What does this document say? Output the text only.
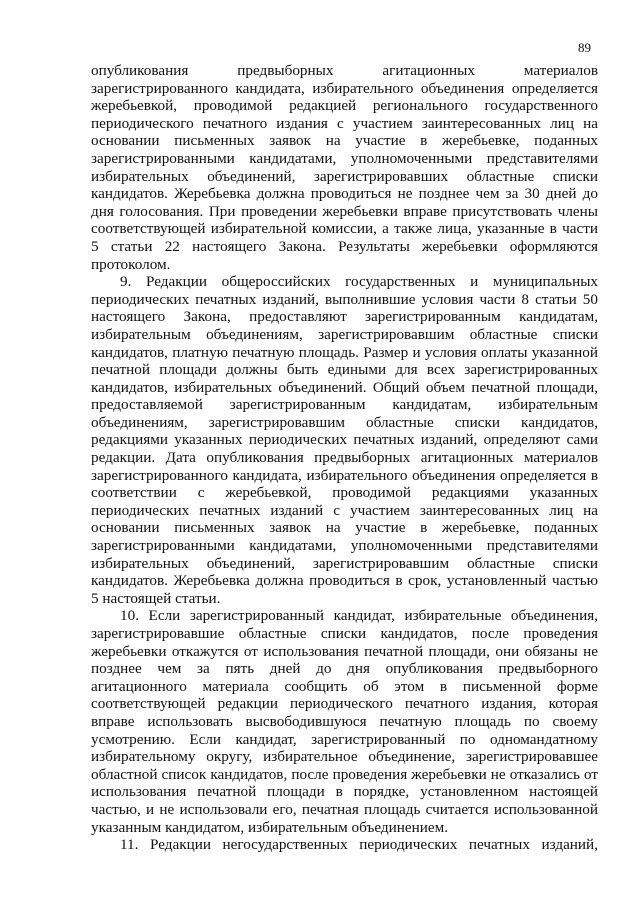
89
опубликования предвыборных агитационных материалов
зарегистрированного кандидата, избирательного объединения определяется
жеребьевкой, проводимой редакцией регионального государственного
периодического печатного издания с участием заинтересованных лиц на
основании письменных заявок на участие в жеребьевке, поданных
зарегистрированными кандидатами, уполномоченными представителями
избирательных объединений, зарегистрировавших областные списки
кандидатов. Жеребьевка должна проводиться не позднее чем за 30 дней до
дня голосования. При проведении жеребьевки вправе присутствовать члены
соответствующей избирательной комиссии, а также лица, указанные в части
5 статьи 22 настоящего Закона. Результаты жеребьевки оформляются
протоколом.
9. Редакции общероссийских государственных и муниципальных
периодических печатных изданий, выполнившие условия части 8 статьи 50
настоящего Закона, предоставляют зарегистрированным кандидатам,
избирательным объединениям, зарегистрировавшим областные списки
кандидатов, платную печатную площадь. Размер и условия оплаты указанной
печатной площади должны быть едиными для всех зарегистрированных
кандидатов, избирательных объединений. Общий объем печатной площади,
предоставляемой зарегистрированным кандидатам, избирательным
объединениям, зарегистрировавшим областные списки кандидатов,
редакциями указанных периодических печатных изданий, определяют сами
редакции. Дата опубликования предвыборных агитационных материалов
зарегистрированного кандидата, избирательного объединения определяется в
соответствии с жеребьевкой, проводимой редакциями указанных
периодических печатных изданий с участием заинтересованных лиц на
основании письменных заявок на участие в жеребьевке, поданных
зарегистрированными кандидатами, уполномоченными представителями
избирательных объединений, зарегистрировавшим областные списки
кандидатов. Жеребьевка должна проводиться в срок, установленный частью
5 настоящей статьи.
10. Если зарегистрированный кандидат, избирательные объединения,
зарегистрировавшие областные списки кандидатов, после проведения
жеребьевки откажутся от использования печатной площади, они обязаны не
позднее чем за пять дней до дня опубликования предвыборного
агитационного материала сообщить об этом в письменной форме
соответствующей редакции периодического печатного издания, которая
вправе использовать высвободившуюся печатную площадь по своему
усмотрению. Если кандидат, зарегистрированный по одномандатному
избирательному округу, избирательное объединение, зарегистрировавшее
областной список кандидатов, после проведения жеребьевки не отказались от
использования печатной площади в порядке, установленном настоящей
частью, и не использовали его, печатная площадь считается использованной
указанным кандидатом, избирательным объединением.
11. Редакции негосударственных периодических печатных изданий,
